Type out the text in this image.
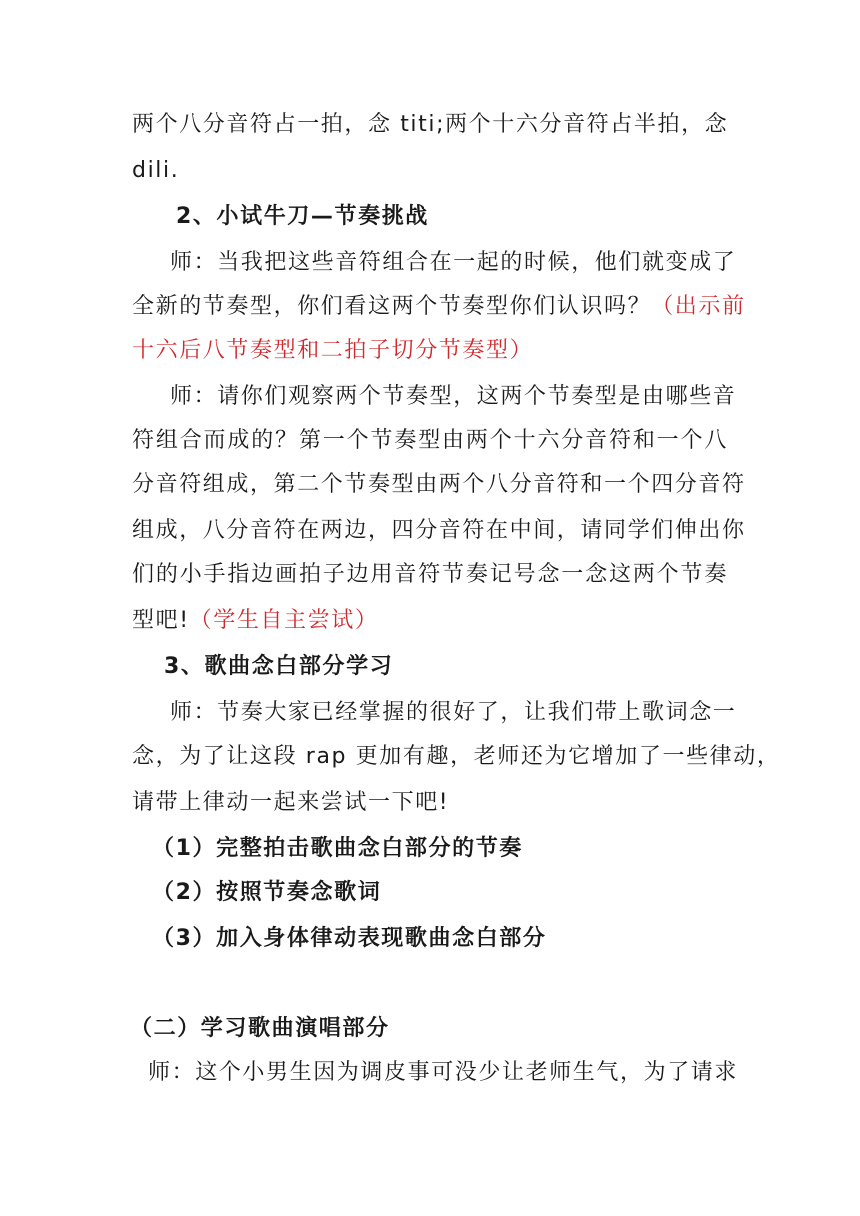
两个八分音符占一拍，念 titi;两个十六分音符占半拍，念
dili.
2、小试牛刀—节奏挑战
师：当我把这些音符组合在一起的时候，他们就变成了
全新的节奏型，你们看这两个节奏型你们认识吗？（出示前
十六后八节奏型和二拍子切分节奏型）
师：请你们观察两个节奏型，这两个节奏型是由哪些音
符组合而成的？第一个节奏型由两个十六分音符和一个八
分音符组成，第二个节奏型由两个八分音符和一个四分音符
组成，八分音符在两边，四分音符在中间，请同学们伸出你
们的小手指边画拍子边用音符节奏记号念一念这两个节奏
型吧!（学生自主尝试）
3、歌曲念白部分学习
师：节奏大家已经掌握的很好了，让我们带上歌词念一
念，为了让这段 rap 更加有趣，老师还为它增加了一些律动，
请带上律动一起来尝试一下吧!
（1）完整拍击歌曲念白部分的节奏
（2）按照节奏念歌词
（3）加入身体律动表现歌曲念白部分
（二）学习歌曲演唱部分
师：这个小男生因为调皮事可没少让老师生气，为了请求
